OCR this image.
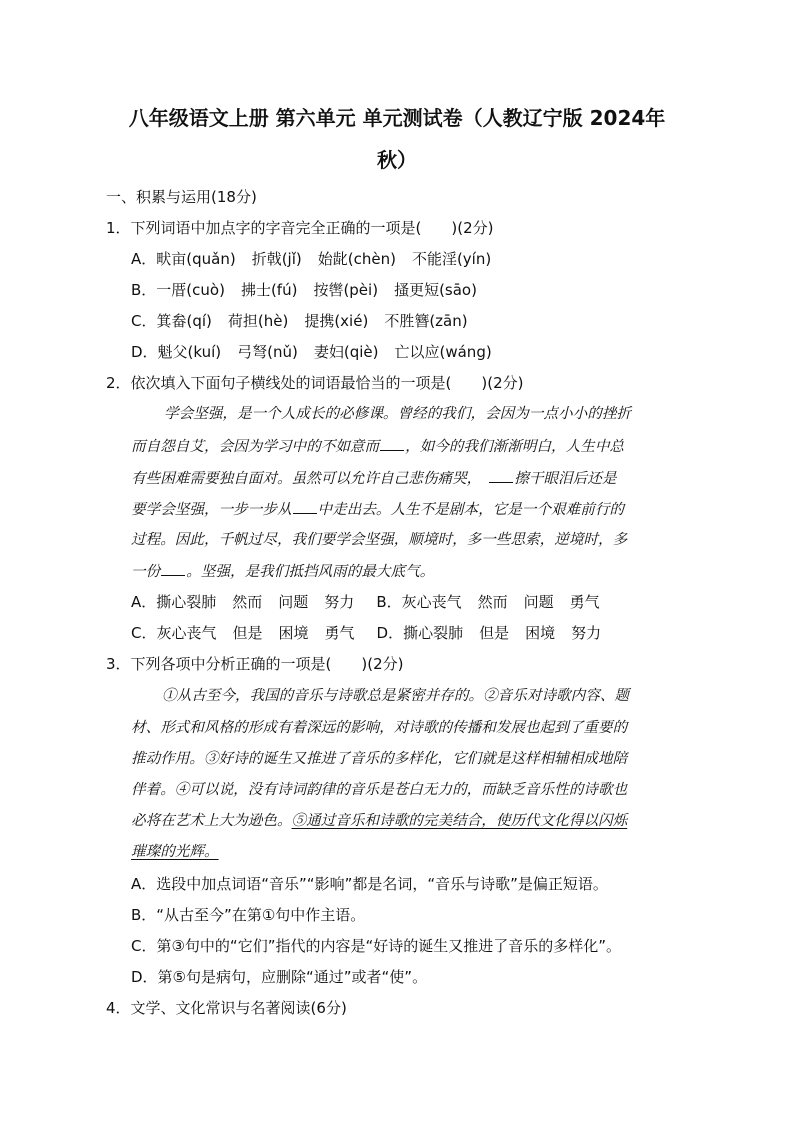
八年级语文上册 第六单元 单元测试卷（人教辽宁版 2024年
秋）
一、积累与运用(18分)
1．下列词语中加点字的字音完全正确的一项是(　　)(2分)
A．畎亩(quǎn) 折戟(jǐ) 始龀(chèn) 不能淫(yín)
B．一厝(cuò) 拂士(fú) 按辔(pèi) 搔更短(sāo)
C．箕畚(qí) 荷担(hè) 提携(xié) 不胜簪(zān)
D．魁父(kuí) 弓弩(nǔ) 妻妇(qiè) 亡以应(wáng)
2．依次填入下面句子横线处的词语最恰当的一项是(　　)(2分)
学会坚强，是一个人成长的必修课。曾经的我们，会因为一点小小的挫折
而自怨自艾，会因为学习中的不如意而 ，如今的我们渐渐明白，人生中总
有些困难需要独自面对。虽然可以允许自己悲伤痛哭， 擦干眼泪后还是
要学会坚强，一步一步从 中走出去。人生不是剧本，它是一个艰难前行的
过程。因此，千帆过尽，我们要学会坚强，顺境时，多一些思索，逆境时，多
一份 。坚强，是我们抵挡风雨的最大底气。
A．撕心裂肺 然而 问题 努力 B．灰心丧气 然而 问题 勇气
C．灰心丧气 但是 困境 勇气 D．撕心裂肺 但是 困境 努力
3．下列各项中分析正确的一项是(　　)(2分)
①从古至今，我国的音乐与诗歌总是紧密并存的。②音乐对诗歌内容、题
材、形式和风格的形成有着深远的影响，对诗歌的传播和发展也起到了重要的
推动作用。③好诗的诞生又推进了音乐的多样化，它们就是这样相辅相成地陪
伴着。④可以说，没有诗词韵律的音乐是苍白无力的，而缺乏音乐性的诗歌也
必将在艺术上大为逊色。⑤通过音乐和诗歌的完美结合，使历代文化得以闪烁
璀璨的光辉。
A．选段中加点词语“音乐”“影响”都是名词，“音乐与诗歌”是偏正短语。
B．“从古至今”在第①句中作主语。
C．第③句中的“它们”指代的内容是“好诗的诞生又推进了音乐的多样化”。
D．第⑤句是病句，应删除“通过”或者“使”。
4．文学、文化常识与名著阅读(6分)
